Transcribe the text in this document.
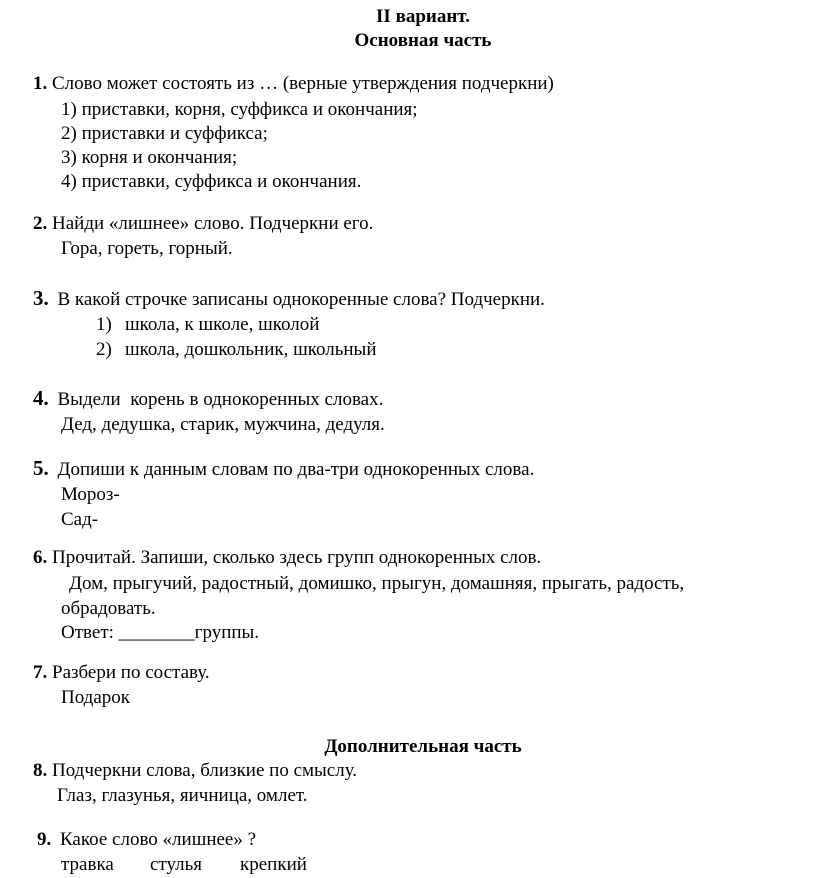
II вариант.
Основная часть
1. Слово может состоять из … (верные утверждения подчеркни)
1) приставки, корня, суффикса и окончания;
2) приставки и суффикса;
3) корня и окончания;
4) приставки, суффикса и окончания.
2. Найди «лишнее» слово. Подчеркни его.
Гора, гореть, горный.
3. В какой строчке записаны однокоренные слова? Подчеркни.
1) школа, к школе, школой
2) школа, дошкольник, школьный
4. Выдели  корень в однокоренных словах.
Дед, дедушка, старик, мужчина, дедуля.
5. Допиши к данным словам по два-три однокоренных слова.
Мороз-
Сад-
6. Прочитай. Запиши, сколько здесь групп однокоренных слов.
Дом, прыгучий, радостный, домишко, прыгун, домашняя, прыгать, радость,
обрадовать.
Ответ: ________группы.
7. Разбери по составу.
Подарок
Дополнительная часть
8. Подчеркни слова, близкие по смыслу.
Глаз, глазунья, яичница, омлет.
9. Какое слово «лишнее» ?
травка стулья крепкий
